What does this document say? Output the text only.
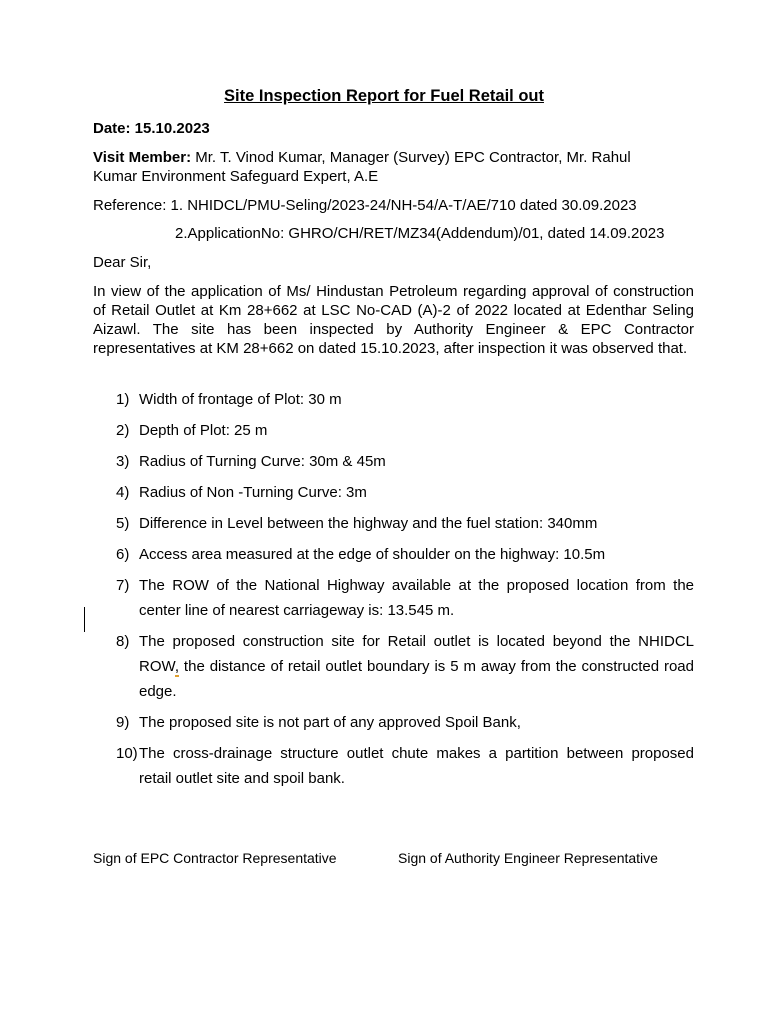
Site Inspection Report for Fuel Retail out
Date: 15.10.2023
Visit Member: Mr. T. Vinod Kumar, Manager (Survey) EPC Contractor, Mr. Rahul
Kumar Environment Safeguard Expert, A.E
Reference: 1. NHIDCL/PMU-Seling/2023-24/NH-54/A-T/AE/710 dated 30.09.2023
2.ApplicationNo: GHRO/CH/RET/MZ34(Addendum)/01, dated 14.09.2023
Dear Sir,
In view of the application of Ms/ Hindustan Petroleum regarding approval of construction of Retail Outlet at Km 28+662 at LSC No-CAD (A)-2 of 2022 located at Edenthar Seling Aizawl. The site has been inspected by Authority Engineer & EPC Contractor representatives at KM 28+662 on dated 15.10.2023, after inspection it was observed that.
1) Width of frontage of Plot: 30 m
2) Depth of Plot: 25 m
3) Radius of Turning Curve: 30m & 45m
4) Radius of Non -Turning Curve: 3m
5) Difference in Level between the highway and the fuel station: 340mm
6) Access area measured at the edge of shoulder on the highway: 10.5m
7) The ROW of the National Highway available at the proposed location from the center line of nearest carriageway is: 13.545 m.
8) The proposed construction site for Retail outlet is located beyond the NHIDCL ROW, the distance of retail outlet boundary is 5 m away from the constructed road edge.
9) The proposed site is not part of any approved Spoil Bank,
10) The cross-drainage structure outlet chute makes a partition between proposed retail outlet site and spoil bank.
Sign of EPC Contractor Representative	Sign of Authority Engineer Representative
